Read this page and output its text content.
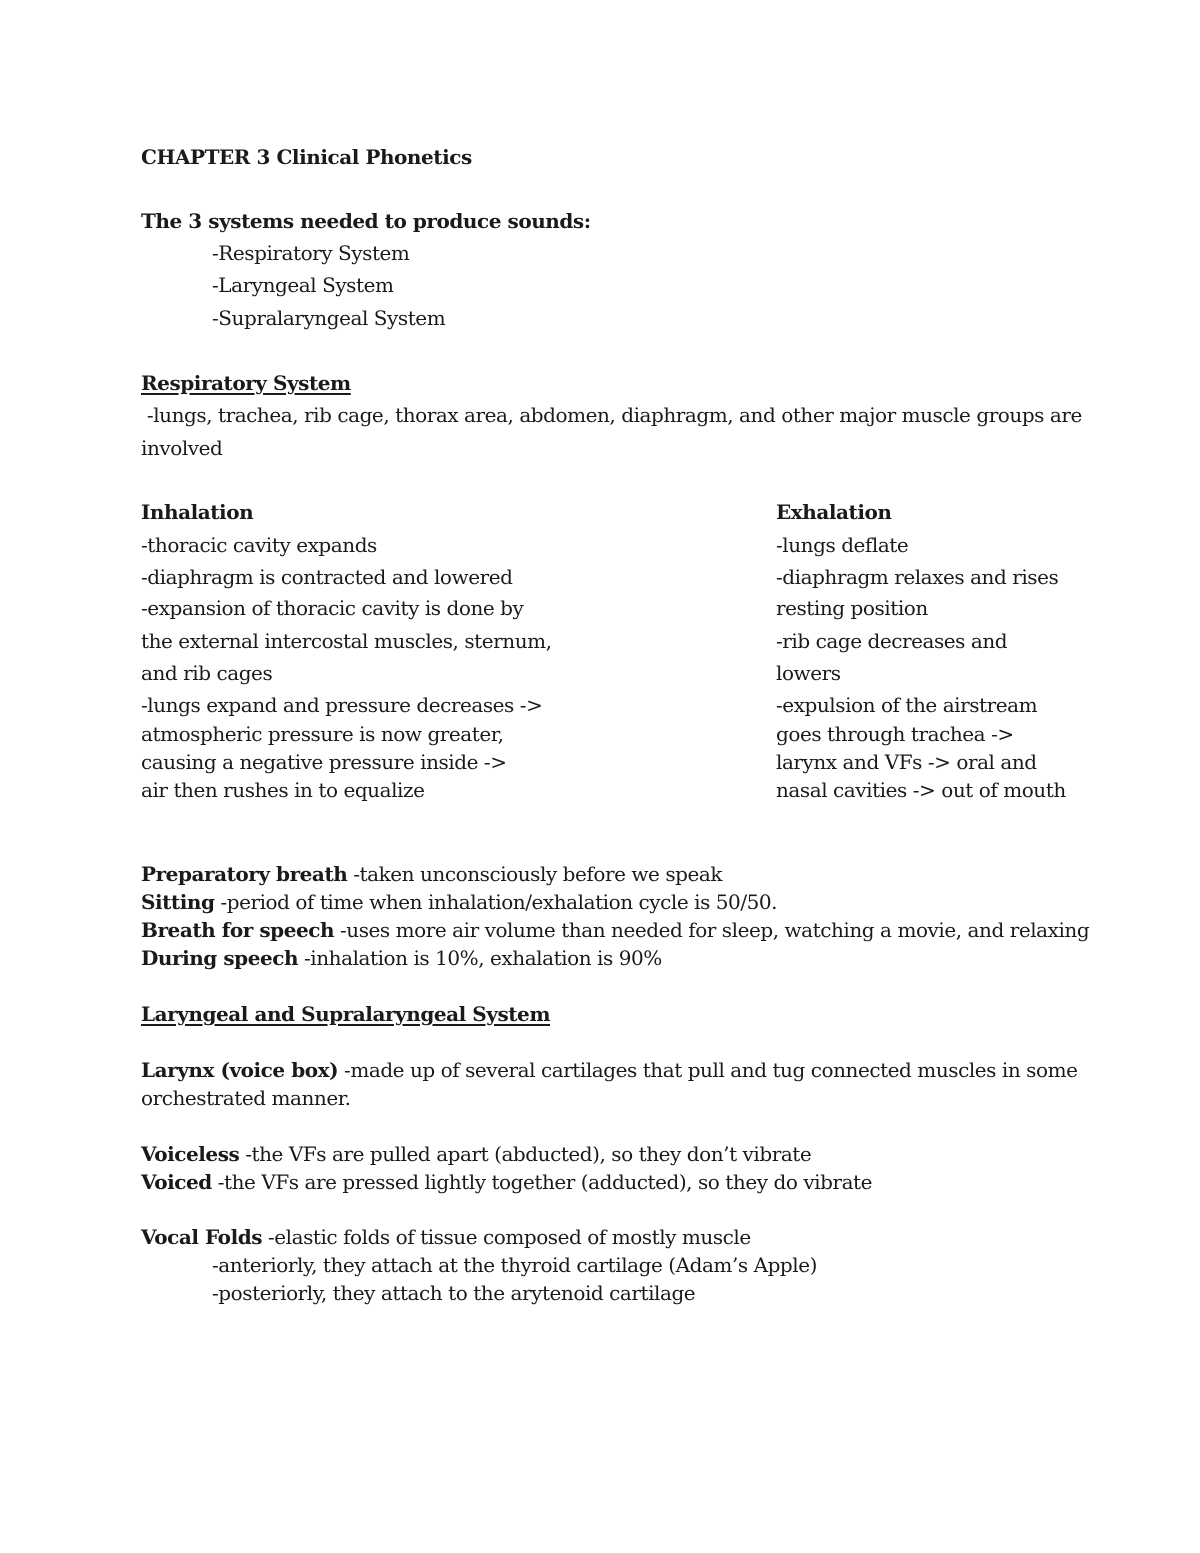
CHAPTER 3 Clinical Phonetics
The 3 systems needed to produce sounds:
-Respiratory System
-Laryngeal System
-Supralaryngeal System
Respiratory System
-lungs, trachea, rib cage, thorax area, abdomen, diaphragm, and other major muscle groups are
involved
Inhalation
-thoracic cavity expands
-diaphragm is contracted and lowered
-expansion of thoracic cavity is done by
the external intercostal muscles, sternum,
and rib cages
-lungs expand and pressure decreases ->
atmospheric pressure is now greater,
causing a negative pressure inside ->
air then rushes in to equalize
Exhalation
-lungs deflate
-diaphragm relaxes and rises
resting position
-rib cage decreases and
lowers
-expulsion of the airstream
goes through trachea ->
larynx and VFs -> oral and
nasal cavities -> out of mouth
Preparatory breath -taken unconsciously before we speak
Sitting -period of time when inhalation/exhalation cycle is 50/50.
Breath for speech -uses more air volume than needed for sleep, watching a movie, and relaxing
During speech -inhalation is 10%, exhalation is 90%
Laryngeal and Supralaryngeal System
Larynx (voice box) -made up of several cartilages that pull and tug connected muscles in some
orchestrated manner.
Voiceless -the VFs are pulled apart (abducted), so they don’t vibrate
Voiced -the VFs are pressed lightly together (adducted), so they do vibrate
Vocal Folds -elastic folds of tissue composed of mostly muscle
-anteriorly, they attach at the thyroid cartilage (Adam’s Apple)
-posteriorly, they attach to the arytenoid cartilage
